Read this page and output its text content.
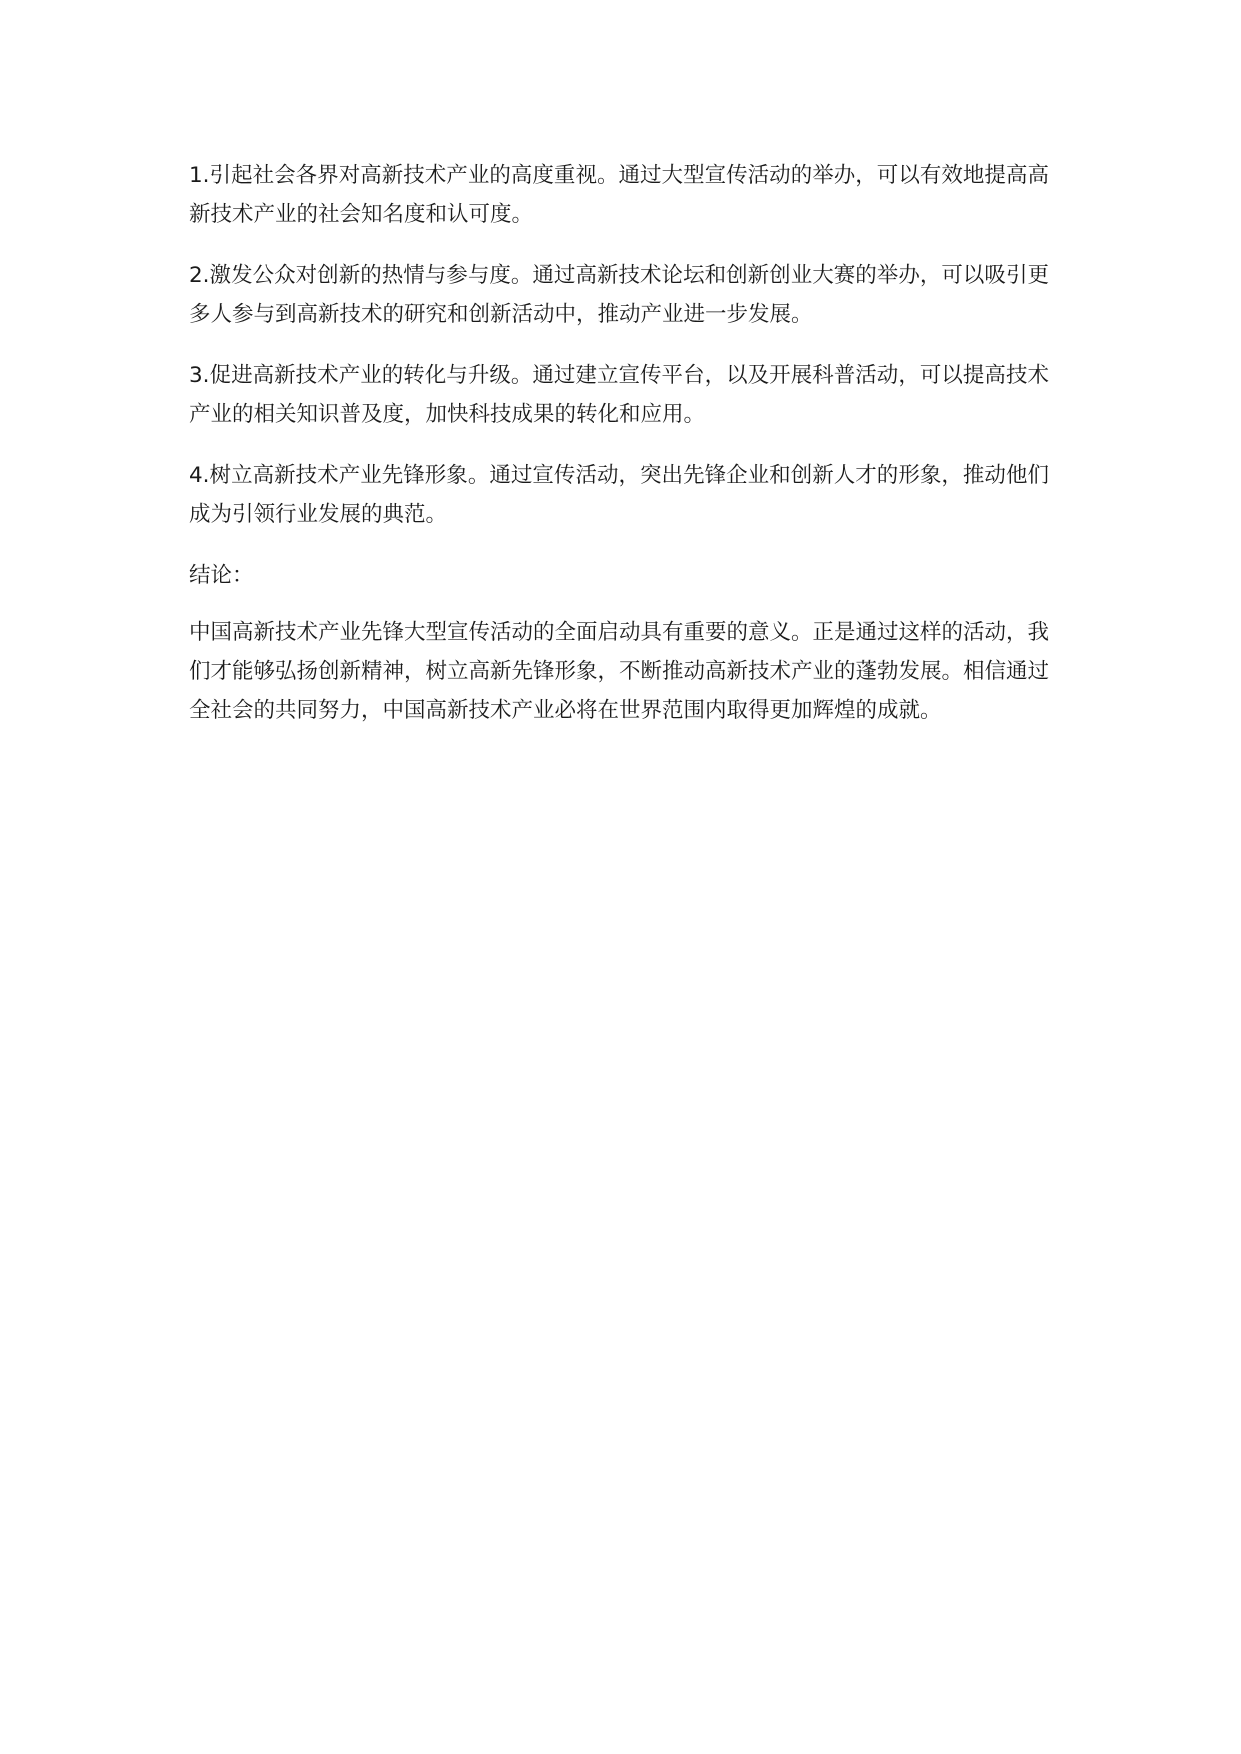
1.引起社会各界对高新技术产业的高度重视。通过大型宣传活动的举办，可以有效地提高高新技术产业的社会知名度和认可度。

2.激发公众对创新的热情与参与度。通过高新技术论坛和创新创业大赛的举办，可以吸引更多人参与到高新技术的研究和创新活动中，推动产业进一步发展。

3.促进高新技术产业的转化与升级。通过建立宣传平台，以及开展科普活动，可以提高技术产业的相关知识普及度，加快科技成果的转化和应用。

4.树立高新技术产业先锋形象。通过宣传活动，突出先锋企业和创新人才的形象，推动他们成为引领行业发展的典范。

结论：

中国高新技术产业先锋大型宣传活动的全面启动具有重要的意义。正是通过这样的活动，我们才能够弘扬创新精神，树立高新先锋形象，不断推动高新技术产业的蓬勃发展。相信通过全社会的共同努力，中国高新技术产业必将在世界范围内取得更加辉煌的成就。
